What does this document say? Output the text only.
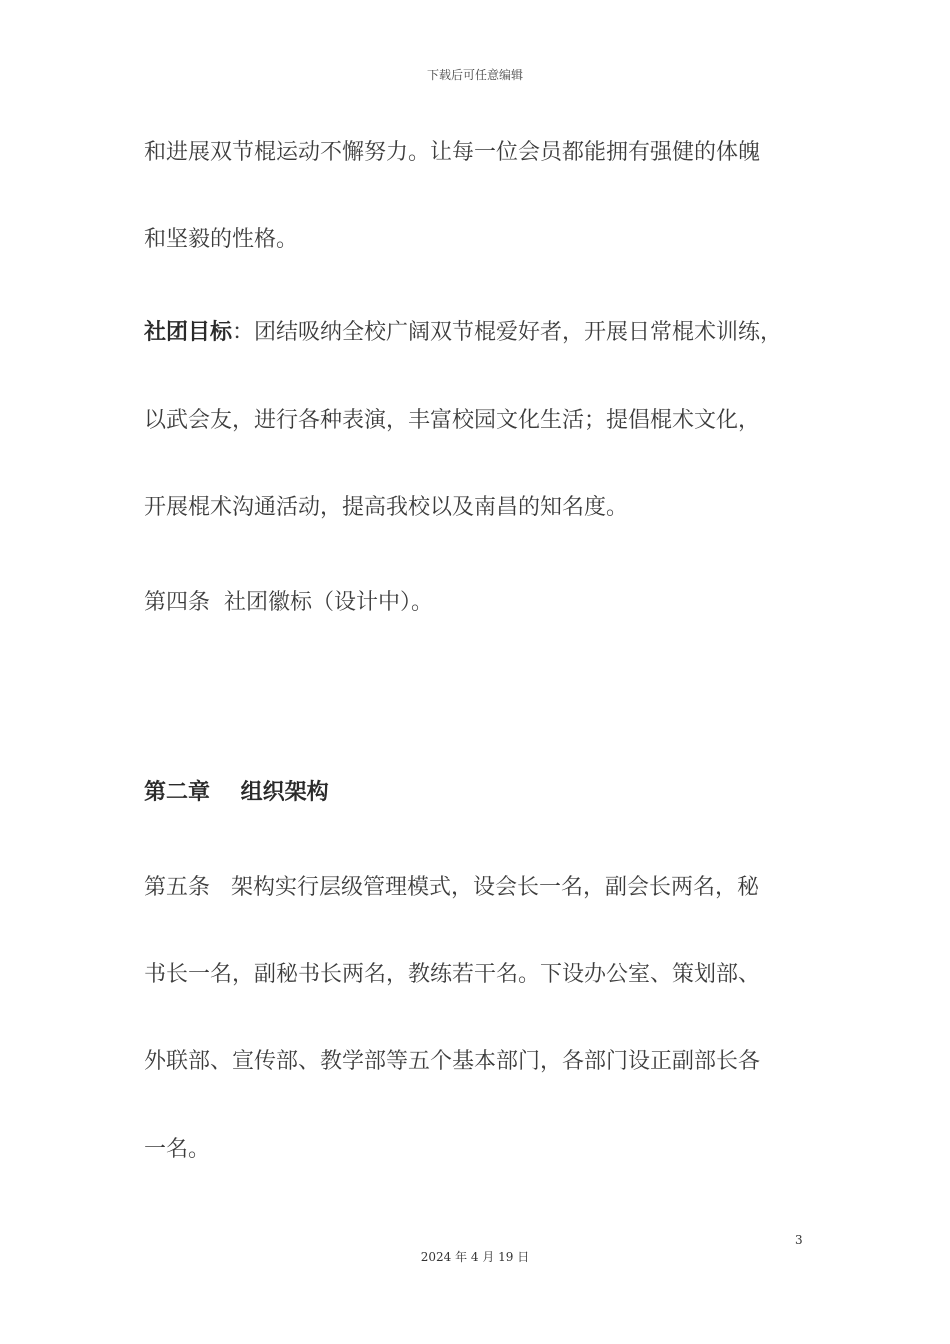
下载后可任意编辑
和进展双节棍运动不懈努力。让每一位会员都能拥有强健的体魄
和坚毅的性格。
社团目标：团结吸纳全校广阔双节棍爱好者，开展日常棍术训练，
以武会友，进行各种表演，丰富校园文化生活；提倡棍术文化，
开展棍术沟通活动，提高我校以及南昌的知名度。
第四条  社团徽标（设计中）。
第二章    组织架构
第五条   架构实行层级管理模式，设会长一名，副会长两名，秘
书长一名，副秘书长两名，教练若干名。下设办公室、策划部、
外联部、宣传部、教学部等五个基本部门，各部门设正副部长各
一名。
3
2024 年 4 月 19 日
